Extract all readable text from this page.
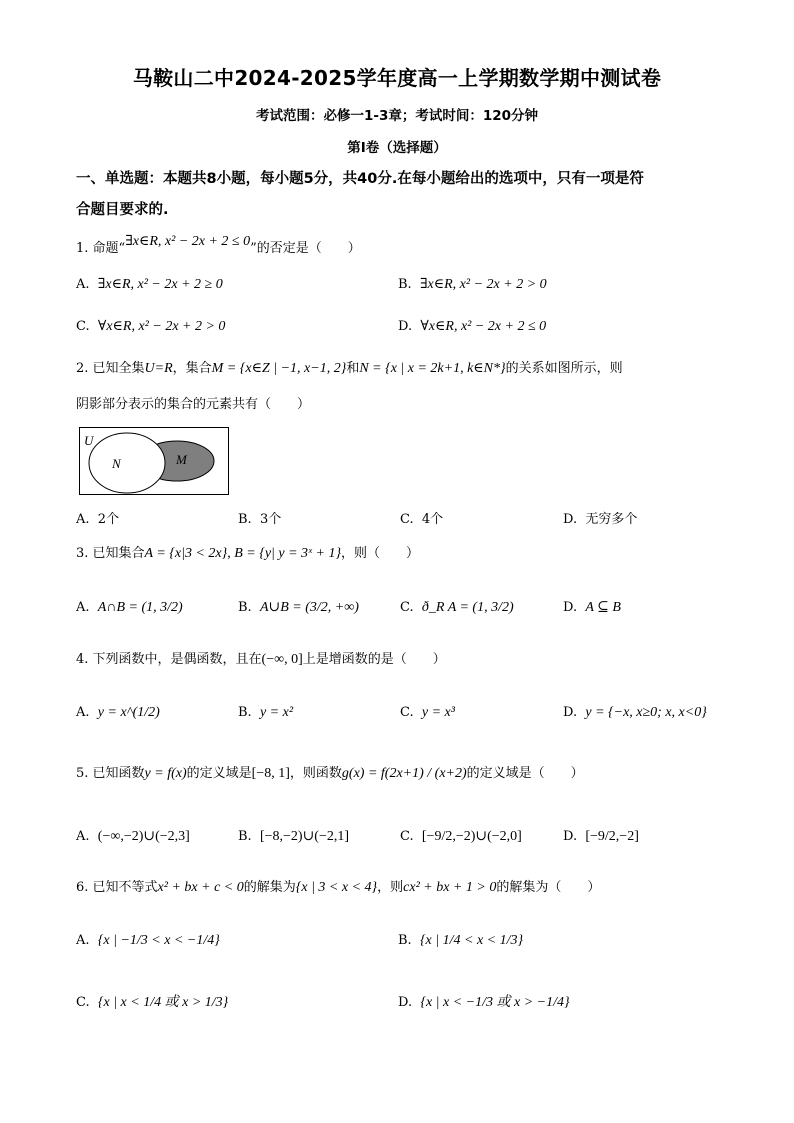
马鞍山二中2024-2025学年度高一上学期数学期中测试卷
考试范围：必修一1-3章；考试时间：120分钟
第I卷（选择题）
一、单选题：本题共8小题，每小题5分，共40分.在每小题给出的选项中，只有一项是符
合题目要求的.
1. 命题“∃x∈R, x² − 2x + 2 ≤ 0”的否定是（　　）
A. ∃x∈R, x² − 2x + 2 ≥ 0	B. ∃x∈R, x² − 2x + 2 > 0
C. ∀x∈R, x² − 2x + 2 > 0	D. ∀x∈R, x² − 2x + 2 ≤ 0
2. 已知全集U=R，集合M = {x∈Z | −1, x−1, 2}和N = {x | x = 2k+1, k∈N*}的关系如图所示，则
阴影部分表示的集合的元素共有（　　）
U
N	M
A. 2个	B. 3个	C. 4个	D. 无穷多个
3. 已知集合A = {x|3 < 2x}, B = {y| y = 3ˣ + 1}，则（　　）
A. A∩B = (1, 3/2)	B. A∪B = (3/2, +∞)	C. ð_R A = (1, 3/2)	D. A ⊆ B
4. 下列函数中，是偶函数，且在(−∞, 0]上是增函数的是（　　）
A. y = x^(1/2)	B. y = x²	C. y = x³	D. y = {−x, x≥0; x, x<0}
5. 已知函数y = f(x)的定义域是[−8, 1]，则函数g(x) = f(2x+1) / (x+2)的定义域是（　　）
A. (−∞,−2)∪(−2,3]	B. [−8,−2)∪(−2,1]	C. [−9/2,−2)∪(−2,0]	D. [−9/2,−2]
6. 已知不等式x² + bx + c < 0的解集为{x | 3 < x < 4}，则cx² + bx + 1 > 0的解集为（　　）
A. {x | −1/3 < x < −1/4}	B. {x | 1/4 < x < 1/3}
C. {x | x < 1/4 或 x > 1/3}	D. {x | x < −1/3 或 x > −1/4}
